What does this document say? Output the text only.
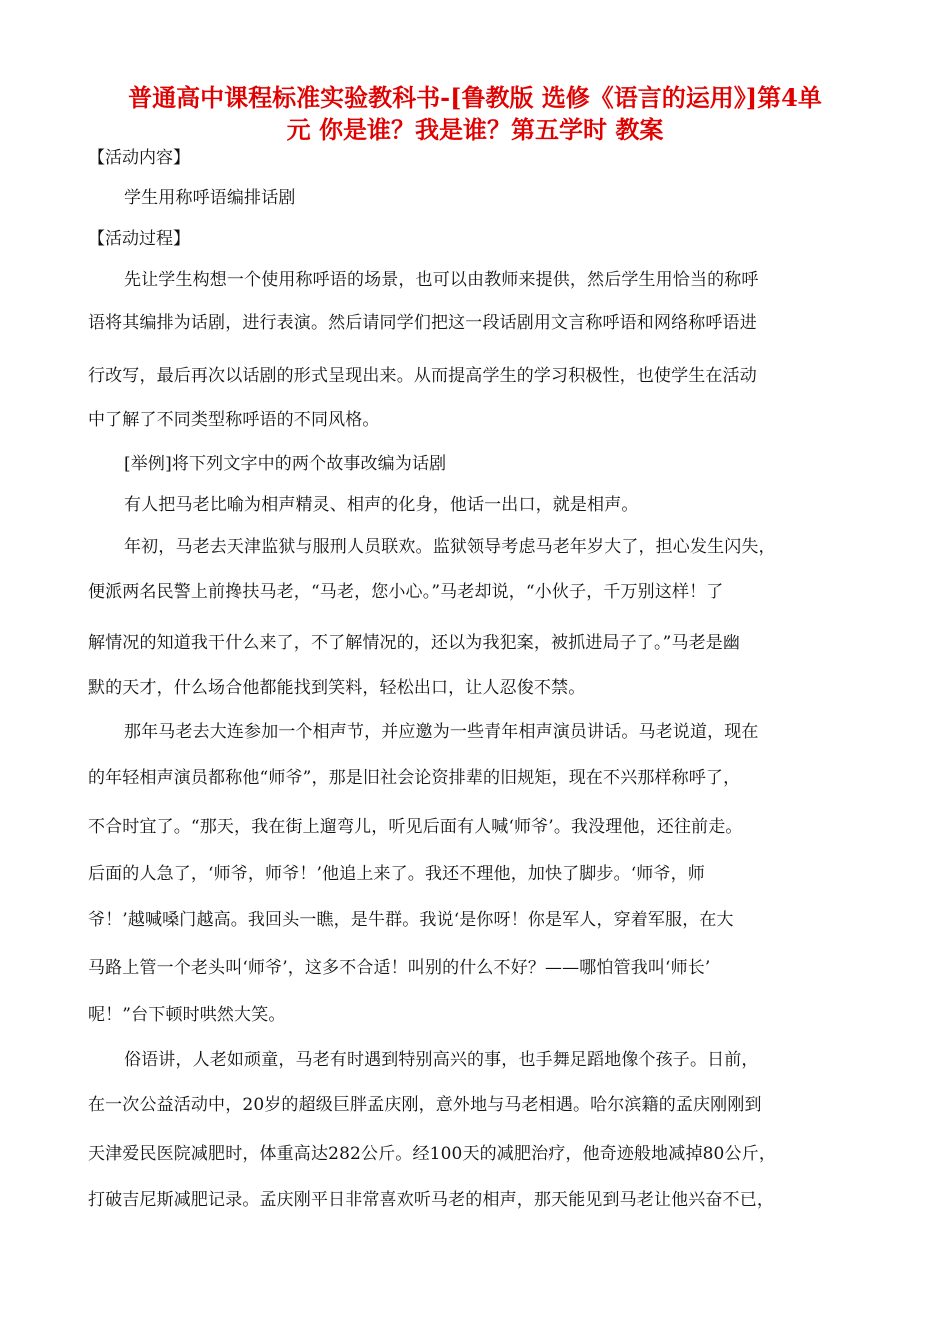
普通高中课程标准实验教科书-[鲁教版 选修《语言的运用》]第4单
元 你是谁？我是谁？第五学时 教案

【活动内容】

学生用称呼语编排话剧

【活动过程】

先让学生构想一个使用称呼语的场景，也可以由教师来提供，然后学生用恰当的称呼

语将其编排为话剧，进行表演。然后请同学们把这一段话剧用文言称呼语和网络称呼语进

行改写，最后再次以话剧的形式呈现出来。从而提高学生的学习积极性，也使学生在活动

中了解了不同类型称呼语的不同风格。

[举例]将下列文字中的两个故事改编为话剧

有人把马老比喻为相声精灵、相声的化身，他话一出口，就是相声。

年初，马老去天津监狱与服刑人员联欢。监狱领导考虑马老年岁大了，担心发生闪失，

便派两名民警上前搀扶马老，“马老，您小心。”马老却说，“小伙子，千万别这样！了

解情况的知道我干什么来了，不了解情况的，还以为我犯案，被抓进局子了。”马老是幽

默的天才，什么场合他都能找到笑料，轻松出口，让人忍俊不禁。

那年马老去大连参加一个相声节，并应邀为一些青年相声演员讲话。马老说道，现在

的年轻相声演员都称他“师爷”，那是旧社会论资排辈的旧规矩，现在不兴那样称呼了，

不合时宜了。“那天，我在街上遛弯儿，听见后面有人喊‘师爷’。我没理他，还往前走。

后面的人急了，‘师爷，师爷！’他追上来了。我还不理他，加快了脚步。‘师爷，师

爷！’越喊嗓门越高。我回头一瞧，是牛群。我说‘是你呀！你是军人，穿着军服，在大

马路上管一个老头叫‘师爷’，这多不合适！叫别的什么不好？——哪怕管我叫‘师长’

呢！”台下顿时哄然大笑。

俗语讲，人老如顽童，马老有时遇到特别高兴的事，也手舞足蹈地像个孩子。日前，

在一次公益活动中，20岁的超级巨胖孟庆刚，意外地与马老相遇。哈尔滨籍的孟庆刚刚到

天津爱民医院减肥时，体重高达282公斤。经100天的减肥治疗，他奇迹般地减掉80公斤，

打破吉尼斯减肥记录。孟庆刚平日非常喜欢听马老的相声，那天能见到马老让他兴奋不已，
